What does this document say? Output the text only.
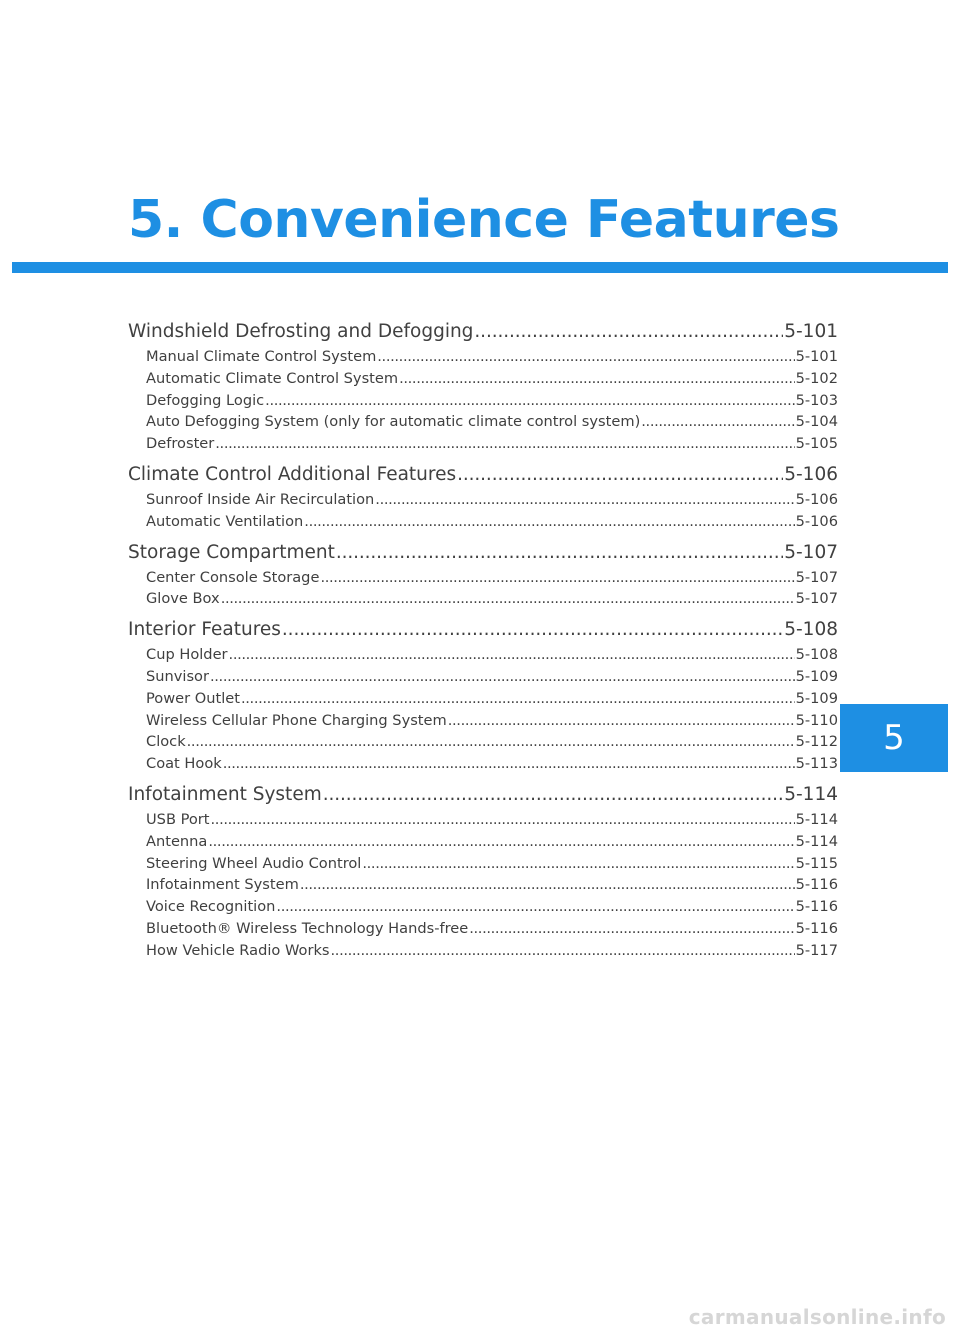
5. Convenience Features
Windshield Defrosting and Defogging . . .	5-101
Manual Climate Control System . . .	5-101
Automatic Climate Control System . . .	5-102
Defogging Logic . . .	5-103
Auto Defogging System (only for automatic climate control system) . . .	5-104
Defroster . . .	5-105
Climate Control Additional Features . . .	5-106
Sunroof Inside Air Recirculation . . .	5-106
Automatic Ventilation . . .	5-106
Storage Compartment . . .	5-107
Center Console Storage . . .	5-107
Glove Box . . .	5-107
Interior Features . . .	5-108
Cup Holder . . .	5-108
Sunvisor . . .	5-109
Power Outlet . . .	5-109
Wireless Cellular Phone Charging System . . .	5-110
Clock . . .	5-112
Coat Hook . . .	5-113
Infotainment System . . .	5-114
USB Port . . .	5-114
Antenna . . .	5-114
Steering Wheel Audio Control . . .	5-115
Infotainment System . . .	5-116
Voice Recognition . . .	5-116
Bluetooth® Wireless Technology Hands-free . . .	5-116
How Vehicle Radio Works . . .	5-117
5
carmanualsonline.info
